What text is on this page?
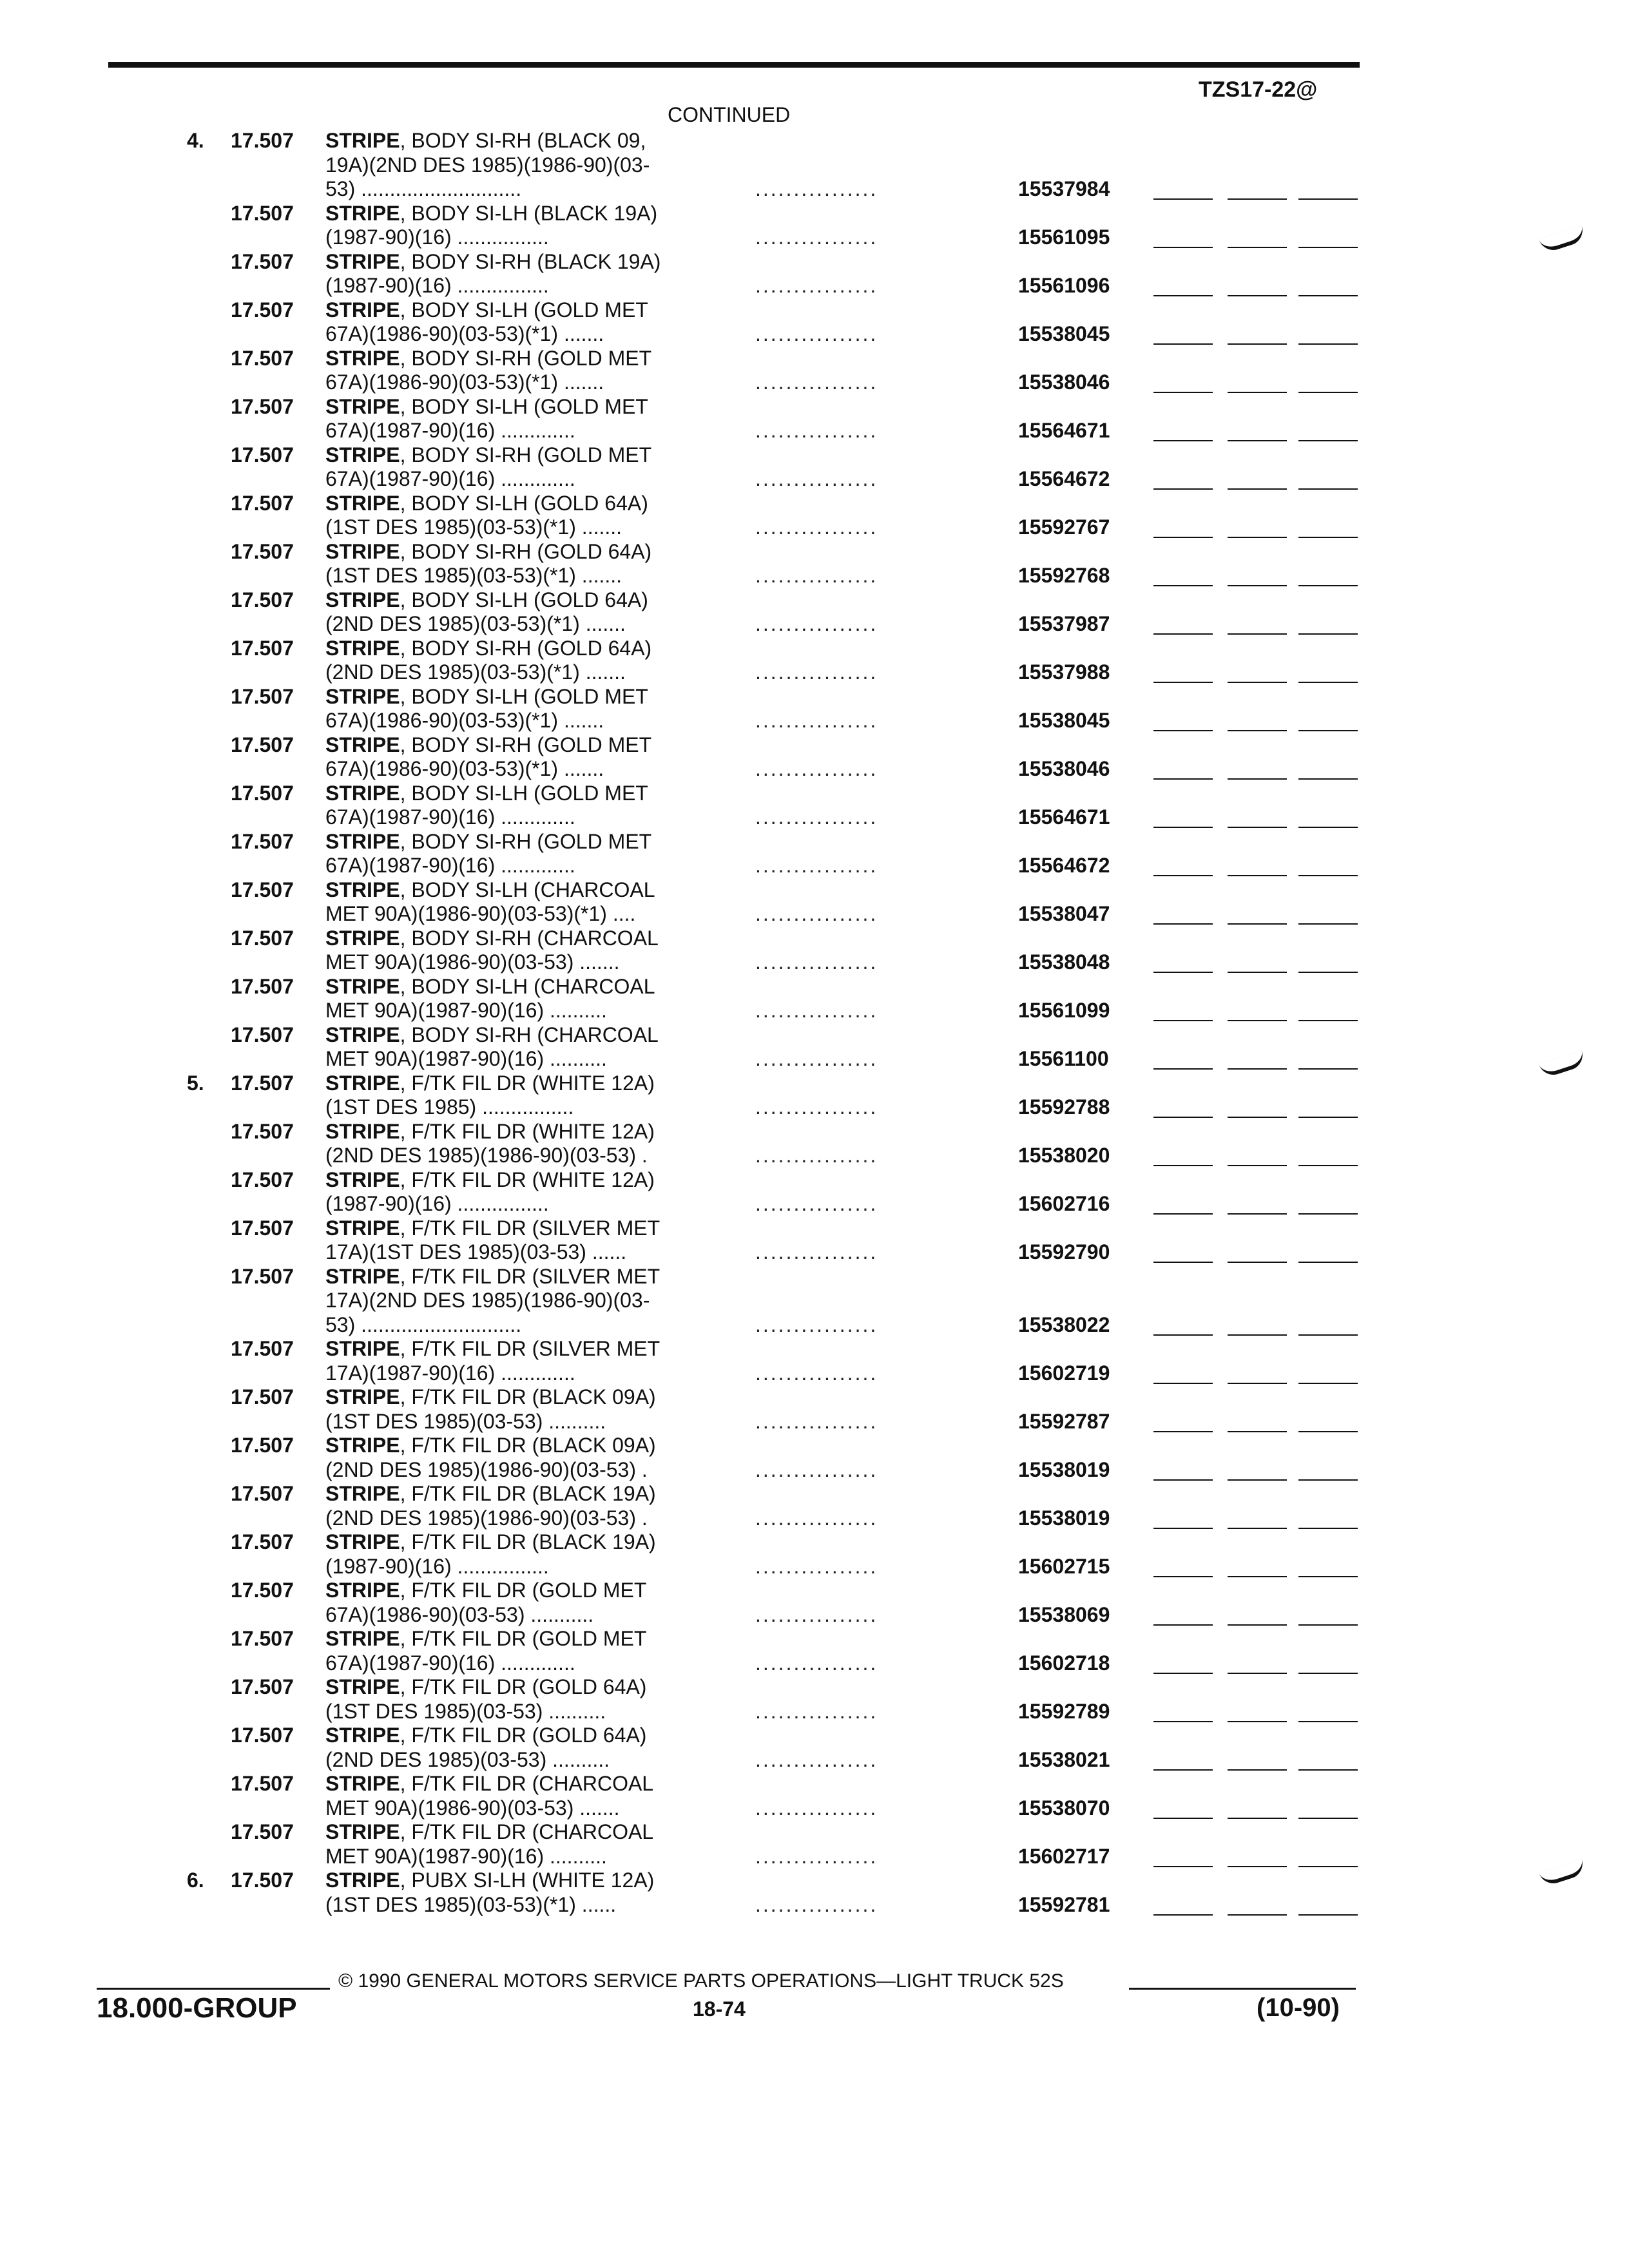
TZS17-22@
CONTINUED
4. 17.507 STRIPE, BODY SI-RH (BLACK 09,
19A)(2ND DES 1985)(1986-90)(03-
53) ............................	................	15537984
17.507 STRIPE, BODY SI-LH (BLACK 19A)
(1987-90)(16) ................	................	15561095
17.507 STRIPE, BODY SI-RH (BLACK 19A)
(1987-90)(16) ................	................	15561096
17.507 STRIPE, BODY SI-LH (GOLD MET
67A)(1986-90)(03-53)(*1) .......	................	15538045
17.507 STRIPE, BODY SI-RH (GOLD MET
67A)(1986-90)(03-53)(*1) .......	................	15538046
17.507 STRIPE, BODY SI-LH (GOLD MET
67A)(1987-90)(16) .............	................	15564671
17.507 STRIPE, BODY SI-RH (GOLD MET
67A)(1987-90)(16) .............	................	15564672
17.507 STRIPE, BODY SI-LH (GOLD 64A)
(1ST DES 1985)(03-53)(*1) .......	................	15592767
17.507 STRIPE, BODY SI-RH (GOLD 64A)
(1ST DES 1985)(03-53)(*1) .......	................	15592768
17.507 STRIPE, BODY SI-LH (GOLD 64A)
(2ND DES 1985)(03-53)(*1) .......	................	15537987
17.507 STRIPE, BODY SI-RH (GOLD 64A)
(2ND DES 1985)(03-53)(*1) .......	................	15537988
17.507 STRIPE, BODY SI-LH (GOLD MET
67A)(1986-90)(03-53)(*1) .......	................	15538045
17.507 STRIPE, BODY SI-RH (GOLD MET
67A)(1986-90)(03-53)(*1) .......	................	15538046
17.507 STRIPE, BODY SI-LH (GOLD MET
67A)(1987-90)(16) .............	................	15564671
17.507 STRIPE, BODY SI-RH (GOLD MET
67A)(1987-90)(16) .............	................	15564672
17.507 STRIPE, BODY SI-LH (CHARCOAL
MET 90A)(1986-90)(03-53)(*1) ....	................	15538047
17.507 STRIPE, BODY SI-RH (CHARCOAL
MET 90A)(1986-90)(03-53) .......	................	15538048
17.507 STRIPE, BODY SI-LH (CHARCOAL
MET 90A)(1987-90)(16) ..........	................	15561099
17.507 STRIPE, BODY SI-RH (CHARCOAL
MET 90A)(1987-90)(16) ..........	................	15561100
5. 17.507 STRIPE, F/TK FIL DR (WHITE 12A)
(1ST DES 1985) ................	................	15592788
17.507 STRIPE, F/TK FIL DR (WHITE 12A)
(2ND DES 1985)(1986-90)(03-53) .	................	15538020
17.507 STRIPE, F/TK FIL DR (WHITE 12A)
(1987-90)(16) ................	................	15602716
17.507 STRIPE, F/TK FIL DR (SILVER MET
17A)(1ST DES 1985)(03-53) ......	................	15592790
17.507 STRIPE, F/TK FIL DR (SILVER MET
17A)(2ND DES 1985)(1986-90)(03-
53) ............................	................	15538022
17.507 STRIPE, F/TK FIL DR (SILVER MET
17A)(1987-90)(16) .............	................	15602719
17.507 STRIPE, F/TK FIL DR (BLACK 09A)
(1ST DES 1985)(03-53) ..........	................	15592787
17.507 STRIPE, F/TK FIL DR (BLACK 09A)
(2ND DES 1985)(1986-90)(03-53) .	................	15538019
17.507 STRIPE, F/TK FIL DR (BLACK 19A)
(2ND DES 1985)(1986-90)(03-53) .	................	15538019
17.507 STRIPE, F/TK FIL DR (BLACK 19A)
(1987-90)(16) ................	................	15602715
17.507 STRIPE, F/TK FIL DR (GOLD MET
67A)(1986-90)(03-53) ...........	................	15538069
17.507 STRIPE, F/TK FIL DR (GOLD MET
67A)(1987-90)(16) .............	................	15602718
17.507 STRIPE, F/TK FIL DR (GOLD 64A)
(1ST DES 1985)(03-53) ..........	................	15592789
17.507 STRIPE, F/TK FIL DR (GOLD 64A)
(2ND DES 1985)(03-53) ..........	................	15538021
17.507 STRIPE, F/TK FIL DR (CHARCOAL
MET 90A)(1986-90)(03-53) .......	................	15538070
17.507 STRIPE, F/TK FIL DR (CHARCOAL
MET 90A)(1987-90)(16) ..........	................	15602717
6. 17.507 STRIPE, PUBX SI-LH (WHITE 12A)
(1ST DES 1985)(03-53)(*1) ......	................	15592781
© 1990 GENERAL MOTORS SERVICE PARTS OPERATIONS—LIGHT TRUCK 52S
18.000-GROUP	18-74	(10-90)
